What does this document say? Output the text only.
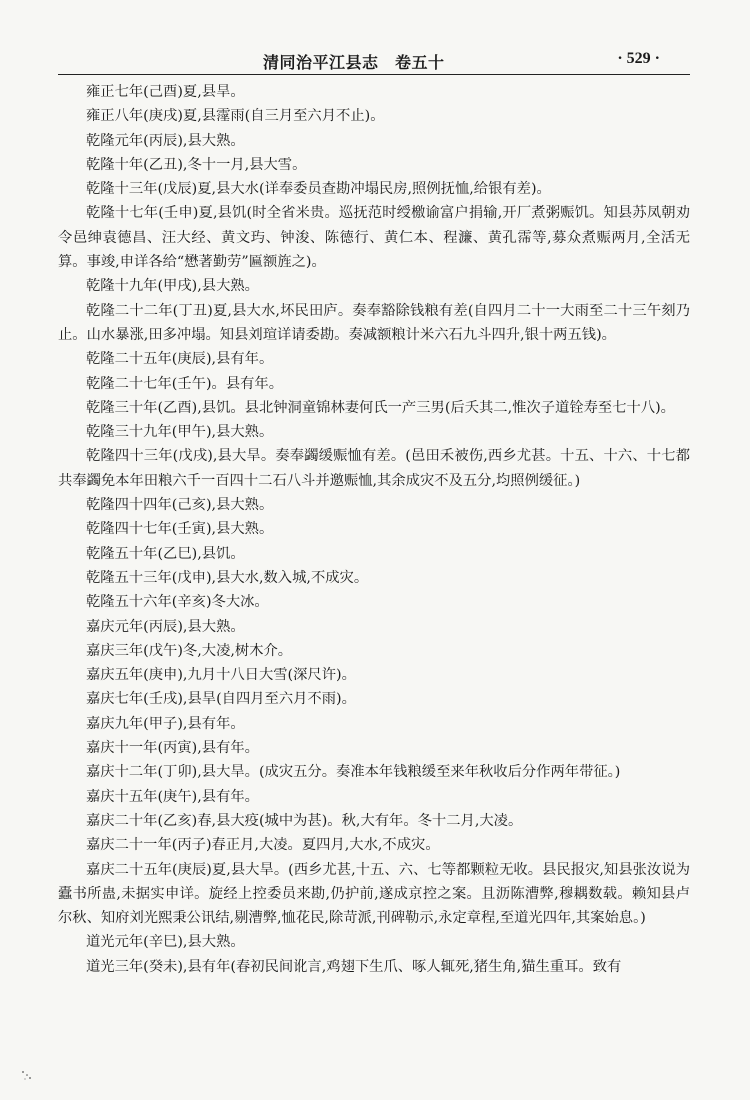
清同治平江县志　卷五十	· 529 ·

雍正七年(己酉)夏,县旱。

雍正八年(庚戌)夏,县霪雨(自三月至六月不止)。

乾隆元年(丙辰),县大熟。

乾隆十年(乙丑),冬十一月,县大雪。

乾隆十三年(戊辰)夏,县大水(详奉委员查勘冲塌民房,照例抚恤,给银有差)。

乾隆十七年(壬申)夏,县饥(时全省米贵。巡抚范时绶檄谕富户捐输,开厂煮粥赈饥。知县苏凤朝劝令邑绅袁德昌、汪大经、黄文玙、钟浚、陈德行、黄仁本、程濂、黄孔霈等,募众煮赈两月,全活无算。事竣,申详各给“懋著勤劳”匾额旌之)。

乾隆十九年(甲戌),县大熟。

乾隆二十二年(丁丑)夏,县大水,坏民田庐。奏奉豁除钱粮有差(自四月二十一大雨至二十三午刻乃止。山水暴涨,田多冲塌。知县刘瑄详请委勘。奏减额粮计米六石九斗四升,银十两五钱)。

乾隆二十五年(庚辰),县有年。

乾隆二十七年(壬午)。县有年。

乾隆三十年(乙酉),县饥。县北钟洞童锦林妻何氏一产三男(后夭其二,惟次子道铨寿至七十八)。

乾隆三十九年(甲午),县大熟。

乾隆四十三年(戊戌),县大旱。奏奉蠲缓赈恤有差。(邑田禾被伤,西乡尤甚。十五、十六、十七都共奉蠲免本年田粮六千一百四十二石八斗并邀赈恤,其余成灾不及五分,均照例缓征。)

乾隆四十四年(己亥),县大熟。

乾隆四十七年(壬寅),县大熟。

乾隆五十年(乙巳),县饥。

乾隆五十三年(戊申),县大水,数入城,不成灾。

乾隆五十六年(辛亥)冬大冰。

嘉庆元年(丙辰),县大熟。

嘉庆三年(戊午)冬,大凌,树木介。

嘉庆五年(庚申),九月十八日大雪(深尺许)。

嘉庆七年(壬戌),县旱(自四月至六月不雨)。

嘉庆九年(甲子),县有年。

嘉庆十一年(丙寅),县有年。

嘉庆十二年(丁卯),县大旱。(成灾五分。奏准本年钱粮缓至来年秋收后分作两年带征。)

嘉庆十五年(庚午),县有年。

嘉庆二十年(乙亥)春,县大疫(城中为甚)。秋,大有年。冬十二月,大凌。

嘉庆二十一年(丙子)春正月,大凌。夏四月,大水,不成灾。

嘉庆二十五年(庚辰)夏,县大旱。(西乡尤甚,十五、六、七等都颗粒无收。县民报灾,知县张汝说为蠹书所蛊,未据实申详。旋经上控委员来勘,仍护前,遂成京控之案。且沥陈漕弊,穆耦数载。赖知县卢尔秋、知府刘光熙秉公讯结,剔漕弊,恤花民,除苛派,刊碑勒示,永定章程,至道光四年,其案始息。)

道光元年(辛巳),县大熟。

道光三年(癸未),县有年(春初民间讹言,鸡翅下生爪、啄人辄死,猪生角,猫生重耳。致有
